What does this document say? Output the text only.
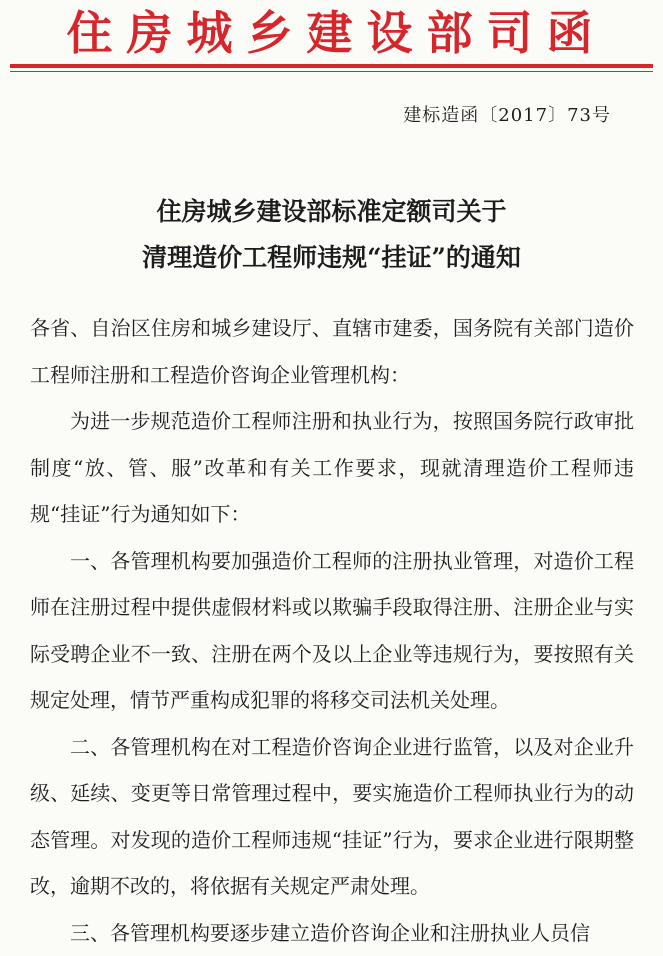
住房城乡建设部司函
建标造函〔2017〕73号
住房城乡建设部标准定额司关于
清理造价工程师违规“挂证”的通知

各省、自治区住房和城乡建设厅、直辖市建委，国务院有关部门造价工程师注册和工程造价咨询企业管理机构：

为进一步规范造价工程师注册和执业行为，按照国务院行政审批制度“放、管、服”改革和有关工作要求，现就清理造价工程师违规“挂证”行为通知如下：

一、各管理机构要加强造价工程师的注册执业管理，对造价工程师在注册过程中提供虚假材料或以欺骗手段取得注册、注册企业与实际受聘企业不一致、注册在两个及以上企业等违规行为，要按照有关规定处理，情节严重构成犯罪的将移交司法机关处理。

二、各管理机构在对工程造价咨询企业进行监管，以及对企业升级、延续、变更等日常管理过程中，要实施造价工程师执业行为的动态管理。对发现的造价工程师违规“挂证”行为，要求企业进行限期整改，逾期不改的，将依据有关规定严肃处理。

三、各管理机构要逐步建立造价咨询企业和注册执业人员信
